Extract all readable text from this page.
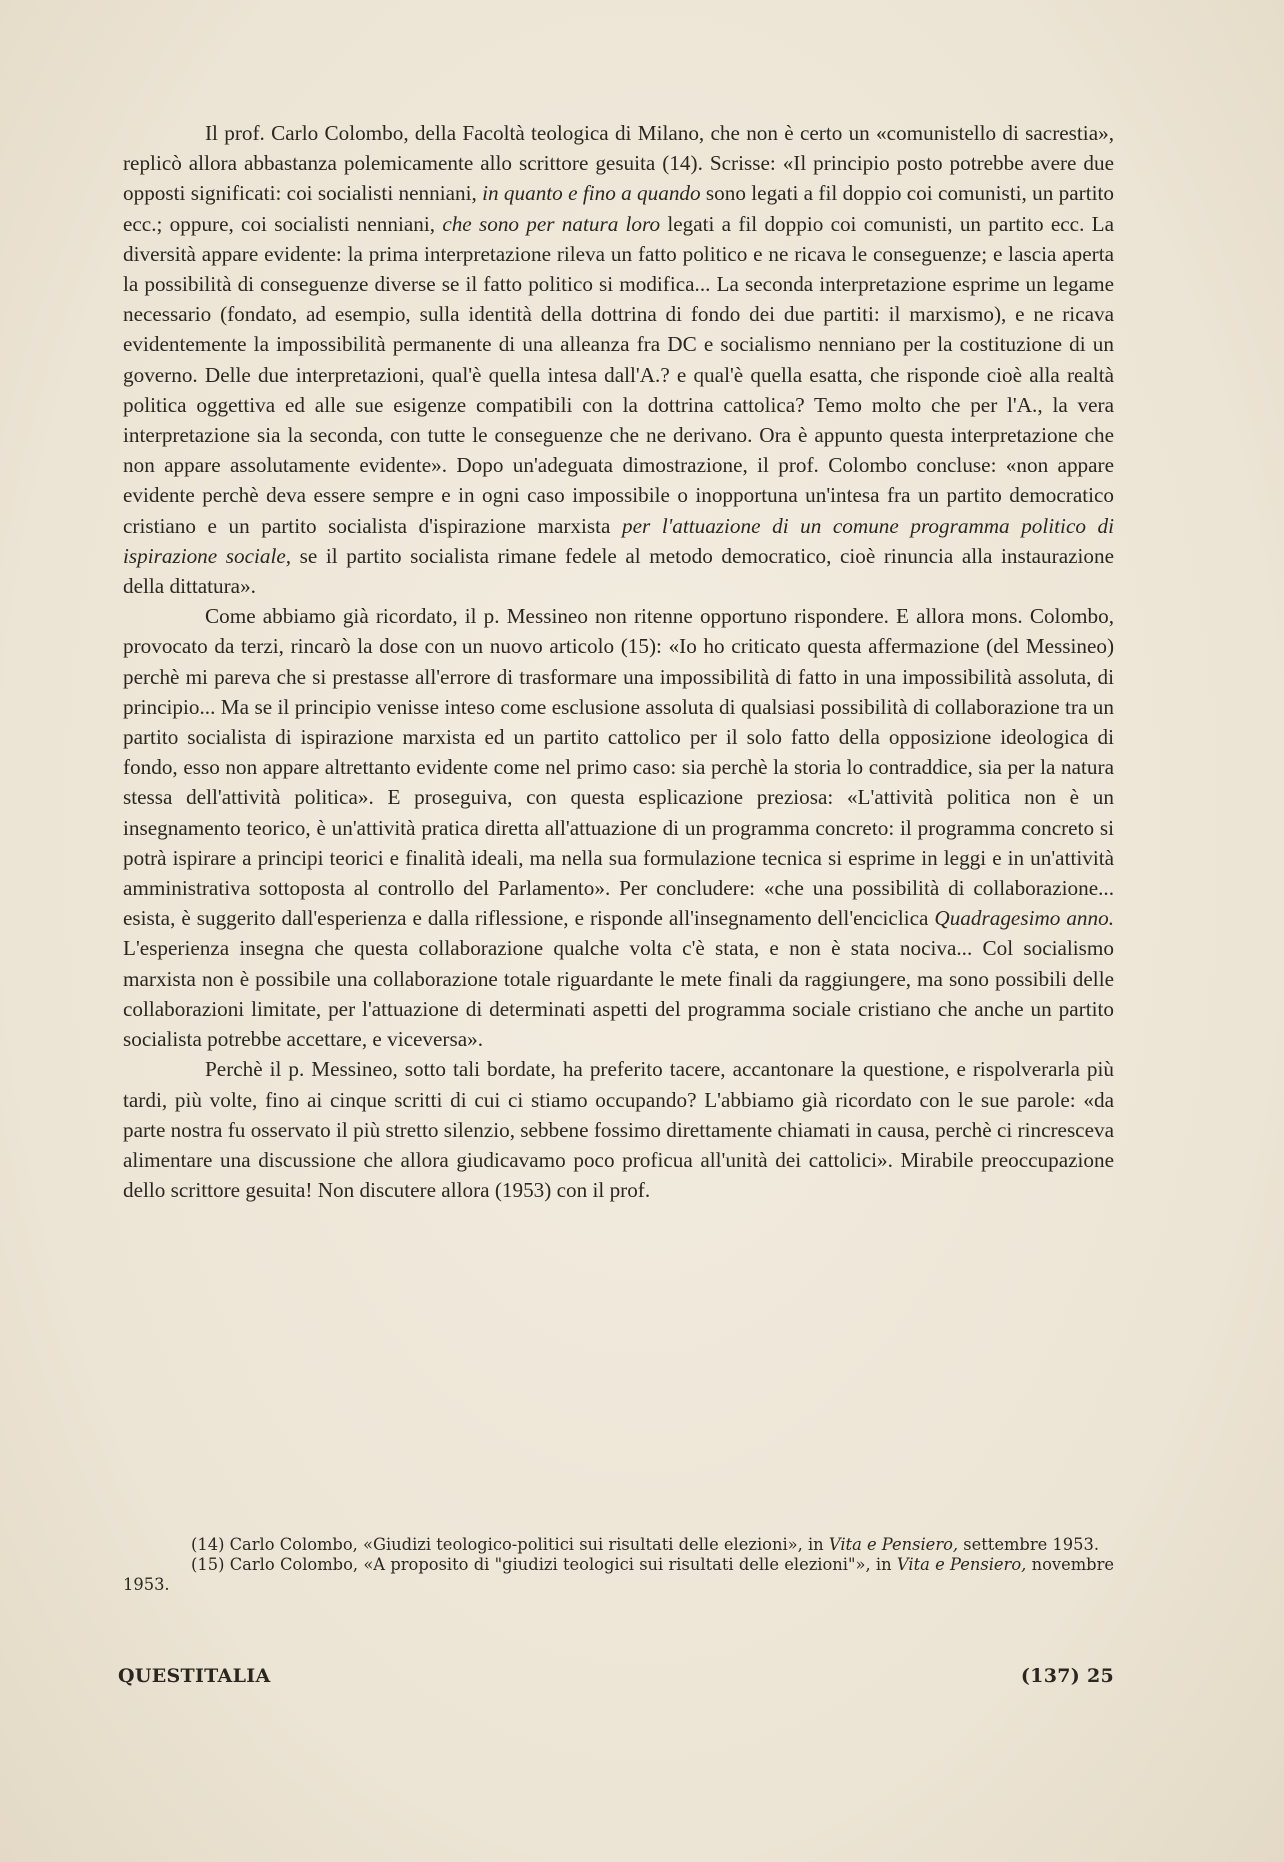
Il prof. Carlo Colombo, della Facoltà teologica di Milano, che non è certo un «comunistello di sacrestia», replicò allora abbastanza polemicamente allo scrittore gesuita (14). Scrisse: «Il principio posto potrebbe avere due opposti significati: coi socialisti nenniani, in quanto e fino a quando sono legati a fil doppio coi comunisti, un partito ecc.; oppure, coi socialisti nenniani, che sono per natura loro legati a fil doppio coi comunisti, un partito ecc. La diversità appare evidente: la prima interpretazione rileva un fatto politico e ne ricava le conseguenze; e lascia aperta la possibilità di conseguenze diverse se il fatto politico si modifica... La seconda interpretazione esprime un legame necessario (fondato, ad esempio, sulla identità della dottrina di fondo dei due partiti: il marxismo), e ne ricava evidentemente la impossibilità permanente di una alleanza fra DC e socialismo nenniano per la costituzione di un governo. Delle due interpretazioni, qual'è quella intesa dall'A.? e qual'è quella esatta, che risponde cioè alla realtà politica oggettiva ed alle sue esigenze compatibili con la dottrina cattolica? Temo molto che per l'A., la vera interpretazione sia la seconda, con tutte le conseguenze che ne derivano. Ora è appunto questa interpretazione che non appare assolutamente evidente». Dopo un'adeguata dimostrazione, il prof. Colombo concluse: «non appare evidente perchè deva essere sempre e in ogni caso impossibile o inopportuna un'intesa fra un partito democratico cristiano e un partito socialista d'ispirazione marxista per l'attuazione di un comune programma politico di ispirazione sociale, se il partito socialista rimane fedele al metodo democratico, cioè rinuncia alla instaurazione della dittatura».

Come abbiamo già ricordato, il p. Messineo non ritenne opportuno rispondere. E allora mons. Colombo, provocato da terzi, rincarò la dose con un nuovo articolo (15): «Io ho criticato questa affermazione (del Messineo) perchè mi pareva che si prestasse all'errore di trasformare una impossibilità di fatto in una impossibilità assoluta, di principio... Ma se il principio venisse inteso come esclusione assoluta di qualsiasi possibilità di collaborazione tra un partito socialista di ispirazione marxista ed un partito cattolico per il solo fatto della opposizione ideologica di fondo, esso non appare altrettanto evidente come nel primo caso: sia perchè la storia lo contraddice, sia per la natura stessa dell'attività politica». E proseguiva, con questa esplicazione preziosa: «L'attività politica non è un insegnamento teorico, è un'attività pratica diretta all'attuazione di un programma concreto: il programma concreto si potrà ispirare a principi teorici e finalità ideali, ma nella sua formulazione tecnica si esprime in leggi e in un'attività amministrativa sottoposta al controllo del Parlamento». Per concludere: «che una possibilità di collaborazione... esista, è suggerito dall'esperienza e dalla riflessione, e risponde all'insegnamento dell'enciclica Quadragesimo anno. L'esperienza insegna che questa collaborazione qualche volta c'è stata, e non è stata nociva... Col socialismo marxista non è possibile una collaborazione totale riguardante le mete finali da raggiungere, ma sono possibili delle collaborazioni limitate, per l'attuazione di determinati aspetti del programma sociale cristiano che anche un partito socialista potrebbe accettare, e viceversa».

Perchè il p. Messineo, sotto tali bordate, ha preferito tacere, accantonare la questione, e rispolverarla più tardi, più volte, fino ai cinque scritti di cui ci stiamo occupando? L'abbiamo già ricordato con le sue parole: «da parte nostra fu osservato il più stretto silenzio, sebbene fossimo direttamente chiamati in causa, perchè ci rincresceva alimentare una discussione che allora giudicavamo poco proficua all'unità dei cattolici». Mirabile preoccupazione dello scrittore gesuita! Non discutere allora (1953) con il prof.

(14) Carlo Colombo, «Giudizi teologico-politici sui risultati delle elezioni», in Vita e Pensiero, settembre 1953.

(15) Carlo Colombo, «A proposito di "giudizi teologici sui risultati delle elezioni"», in Vita e Pensiero, novembre 1953.

QUESTITALIA	(137) 25
